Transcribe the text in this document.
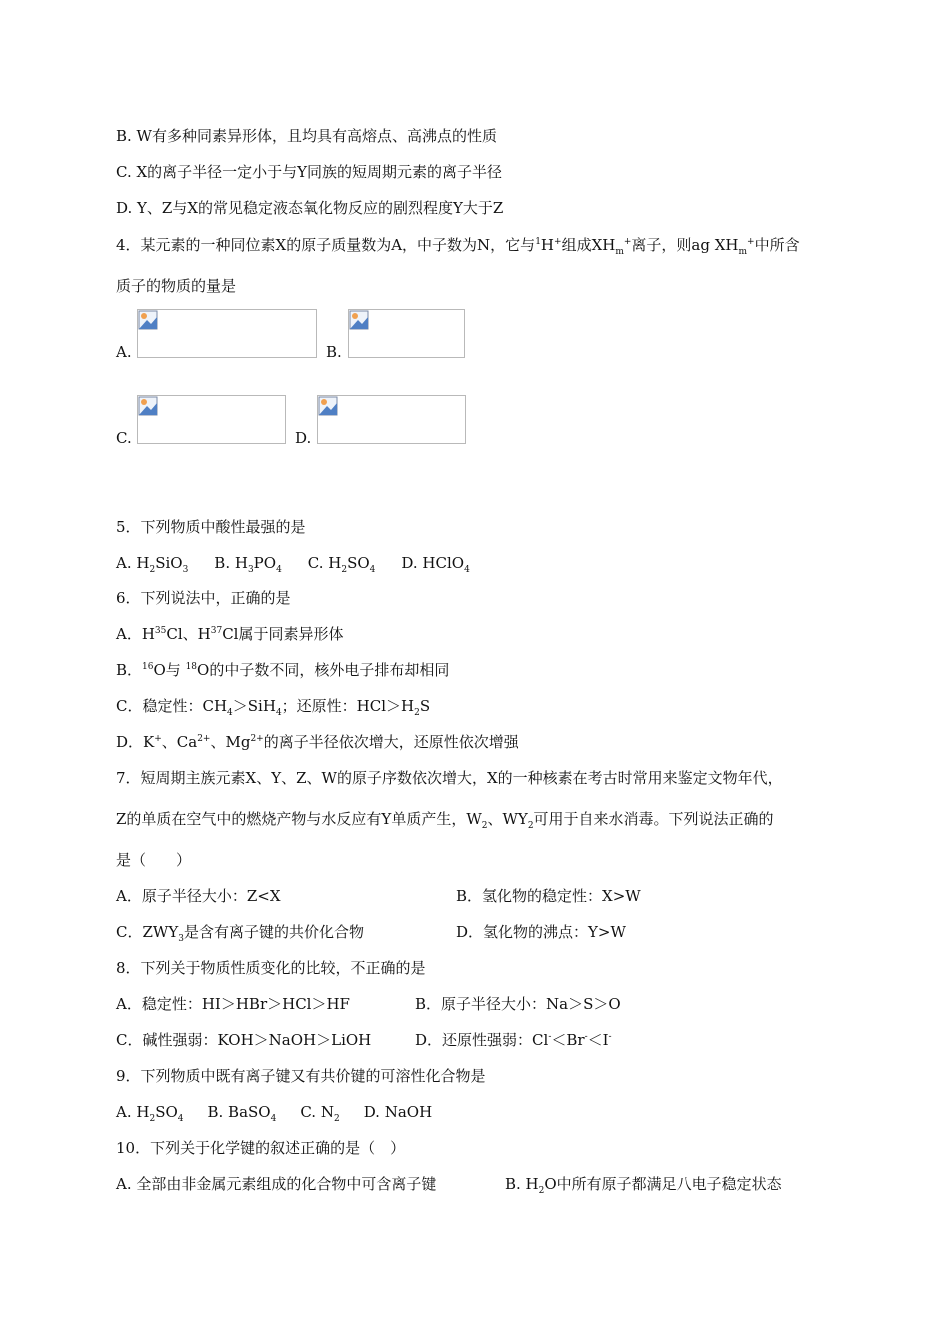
B. W有多种同素异形体，且均具有高熔点、高沸点的性质
C. X的离子半径一定小于与Y同族的短周期元素的离子半径
D. Y、Z与X的常见稳定液态氧化物反应的剧烈程度Y大于Z
4．某元素的一种同位素X的原子质量数为A，中子数为N，它与$^1$H+组成$XH_m^+$离子，则ag $XH_m^+$中所含
质子的物质的量是
A.	B.
C.	D.
5．下列物质中酸性最强的是
A. $H_2SiO_3$ B. $H_3PO_4$ C. $H_2SO_4$ D. HClO$_4$
6．下列说法中，正确的是
A．$H^{35}Cl$、$H^{37}Cl$属于同素异形体
B．$^{16}$O与 $^{18}$O的中子数不同，核外电子排布却相同
C．稳定性：$CH_4>SiH_4$；还原性：$HCl>H_2S$
D．K+、$Ca^{2+}$、$Mg^{2+}$的离子半径依次增大，还原性依次增强
7．短周期主族元素X、Y、Z、W的原子序数依次增大，X的一种核素在考古时常用来鉴定文物年代，
Z的单质在空气中的燃烧产物与水反应有Y单质产生，$W_2$、$WY_2$可用于自来水消毒。下列说法正确的
是（　　）
A．原子半径大小：Z<X	B．氢化物的稳定性：X>W
C．$ZWY_3$是含有离子键的共价化合物	D．氢化物的沸点：Y>W
8．下列关于物质性质变化的比较，不正确的是
A．稳定性：HI＞HBr＞HCl＞HF	B．原子半径大小：Na＞S＞O
C．碱性强弱：KOH＞NaOH＞LiOH	D．还原性强弱：Cl-＜Br-＜I-
9．下列物质中既有离子键又有共价键的可溶性化合物是
A. $H_2SO_4$ B. BaSO$_4$ C. $N_2$ D. NaOH
10．下列关于化学键的叙述正确的是（　）
A. 全部由非金属元素组成的化合物中可含离子键	B. $H_2O$中所有原子都满足八电子稳定状态
